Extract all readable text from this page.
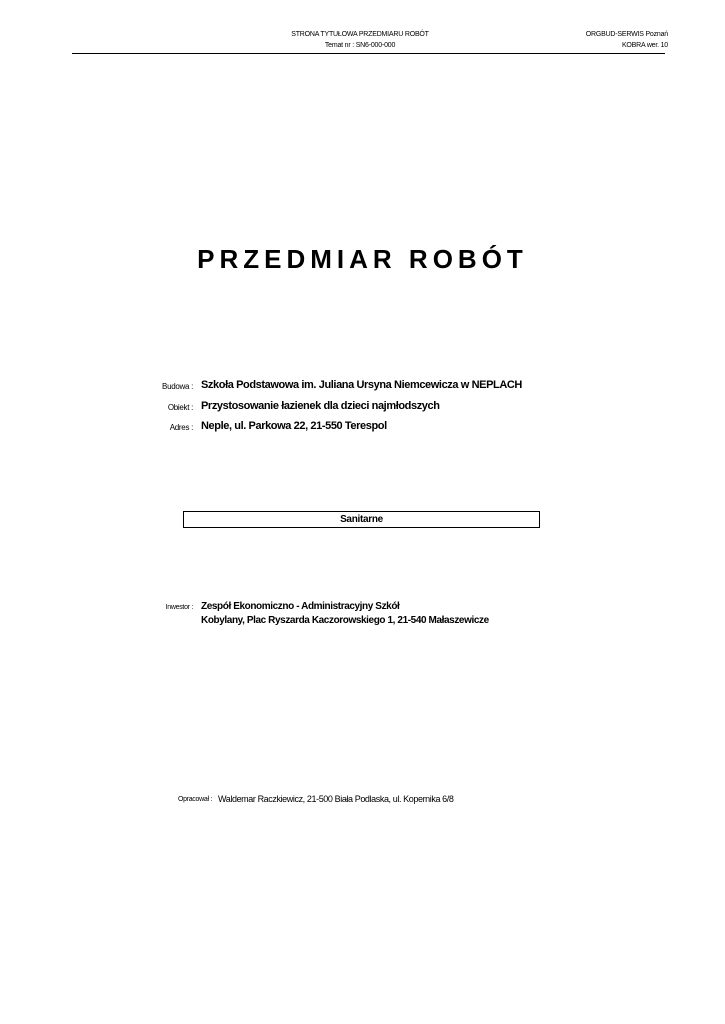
STRONA TYTUŁOWA PRZEDMIARU ROBÓT
Temat nr : SN6-000-000
ORGBUD-SERWIS Poznań
KOBRA wer. 10
PRZEDMIAR ROBÓT
Budowa : Szkoła Podstawowa im. Juliana Ursyna Niemcewicza w NEPLACH
Obiekt : Przystosowanie łazienek dla dzieci najmłodszych
Adres : Neple, ul. Parkowa 22, 21-550 Terespol
Sanitarne
Inwestor : Zespół Ekonomiczno - Administracyjny Szkół
Kobylany, Plac Ryszarda Kaczorowskiego 1, 21-540 Małaszewicze
Opracował : Waldemar Raczkiewicz, 21-500 Biała Podlaska, ul. Kopernika 6/8
